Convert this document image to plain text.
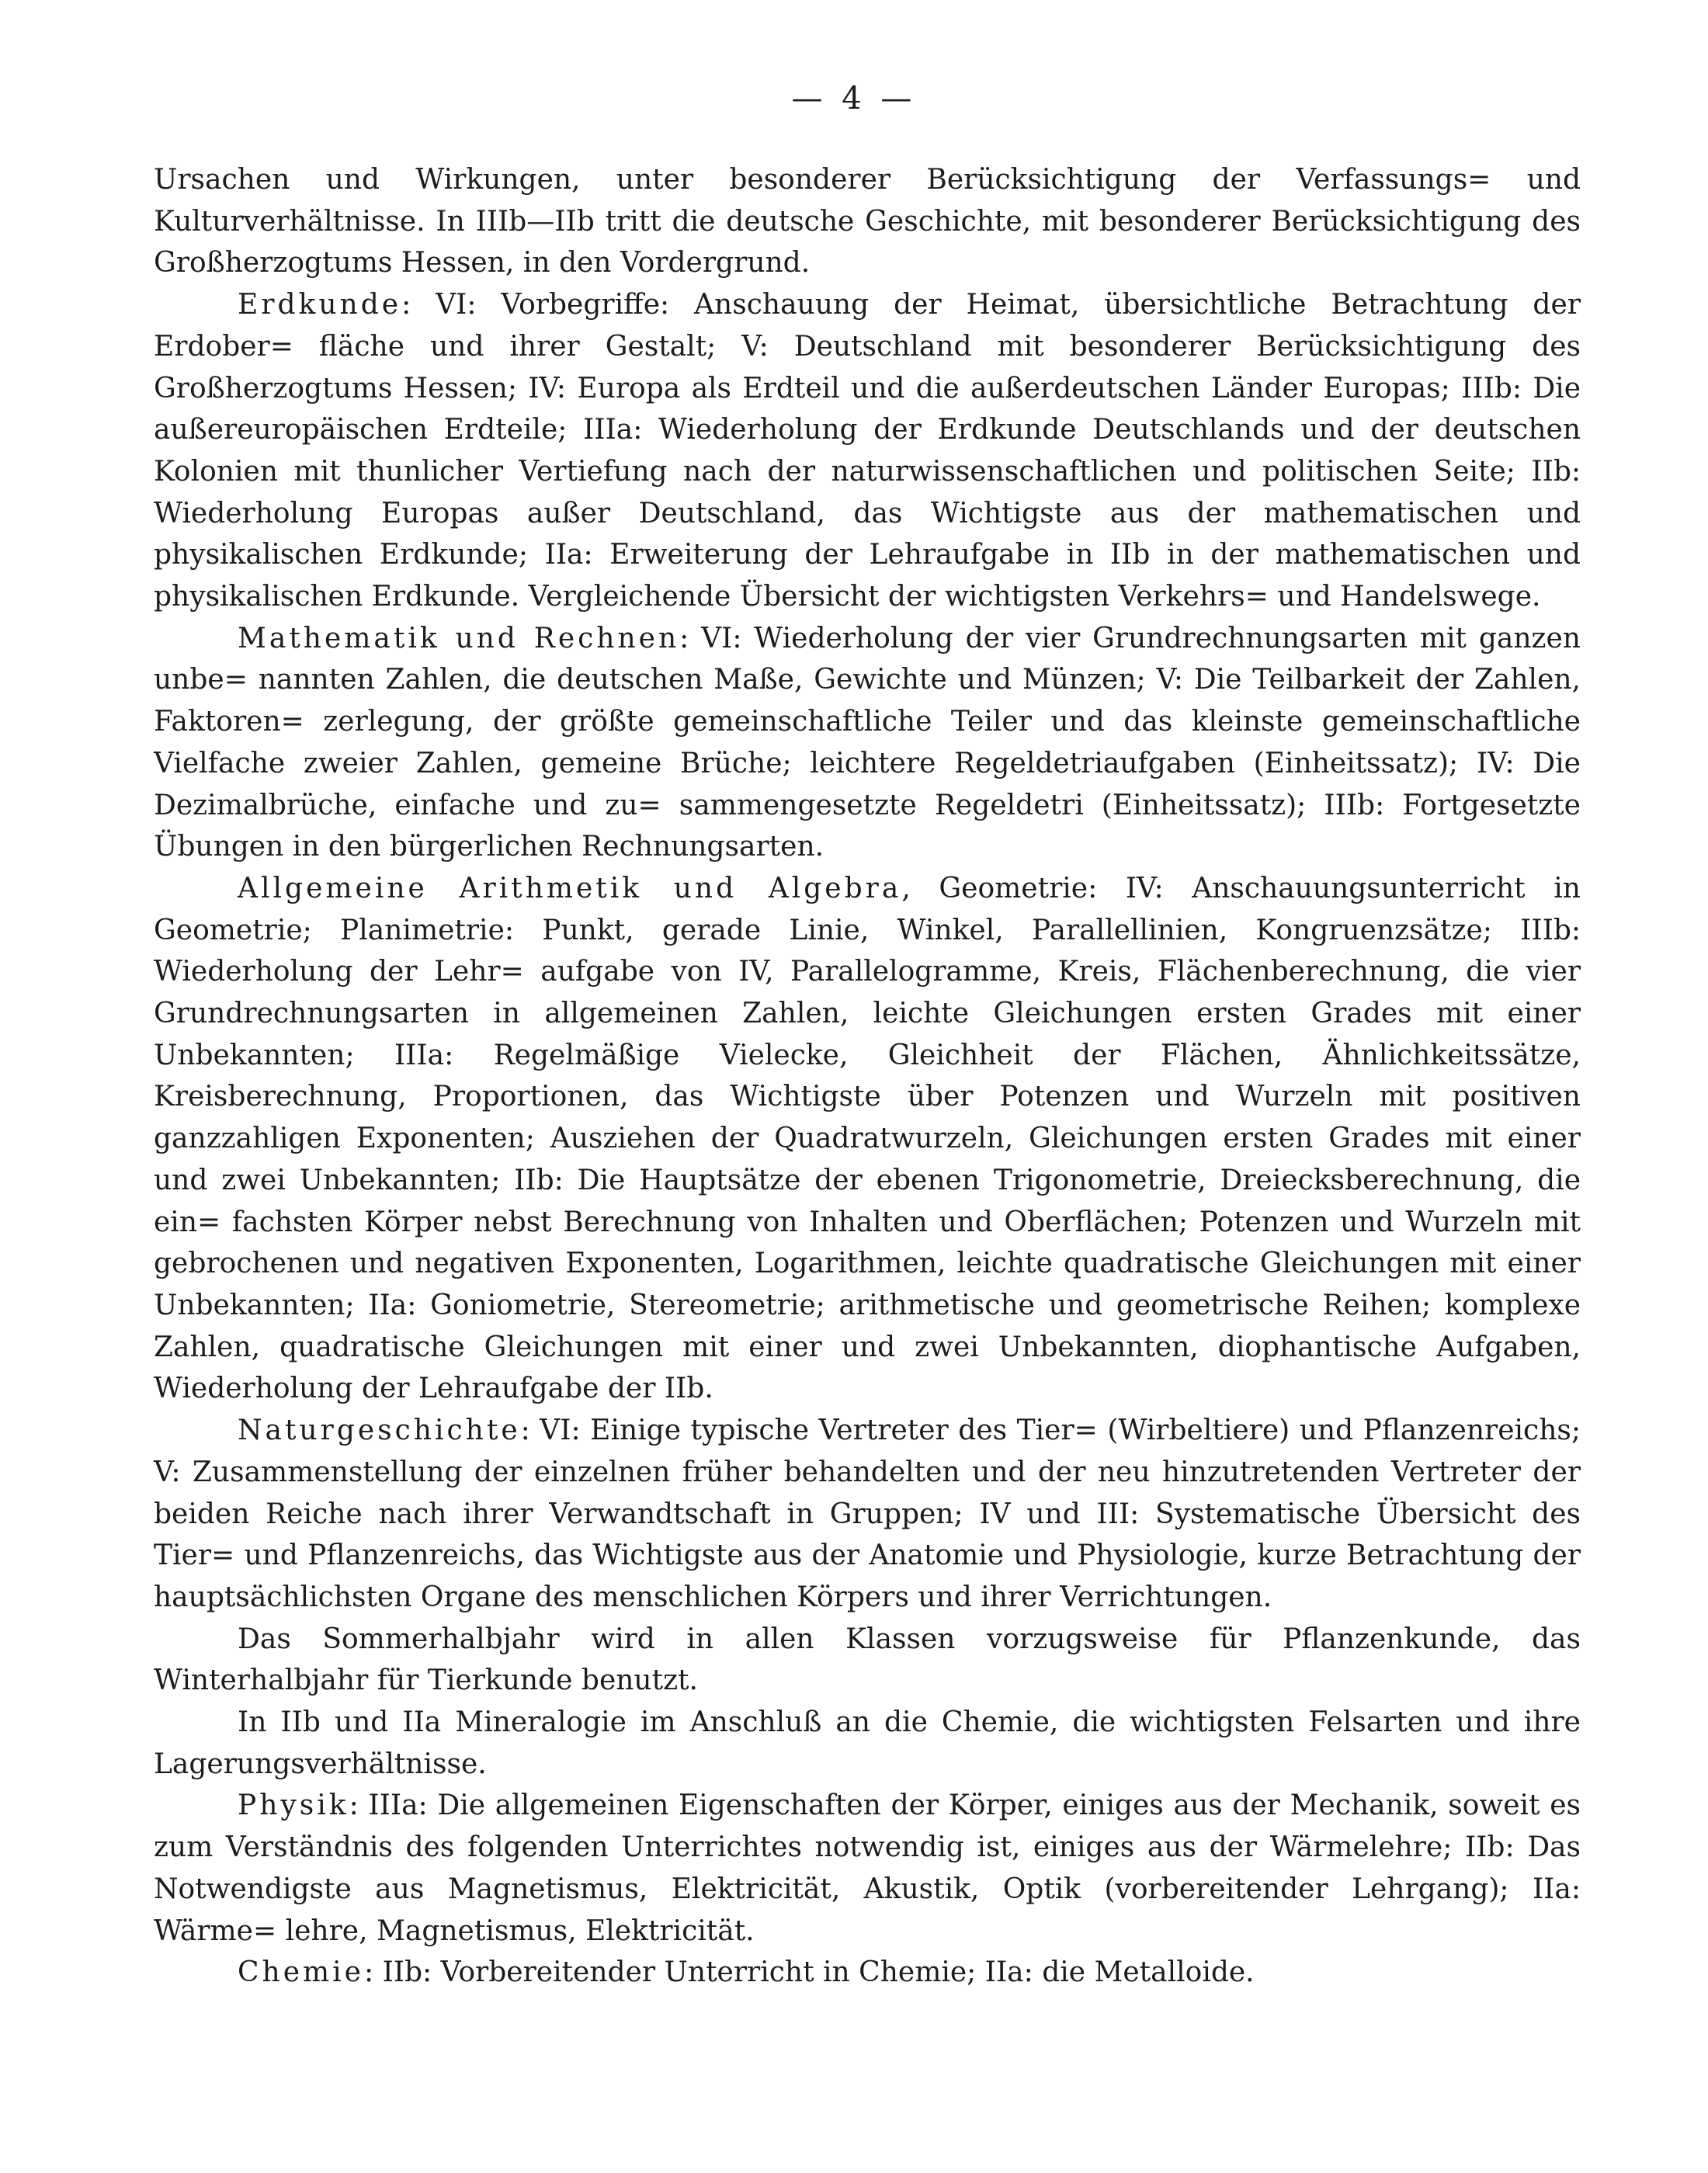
— 4 —

Ursachen und Wirkungen, unter besonderer Berücksichtigung der Verfassungs= und Kulturverhältnisse. In IIIb—IIb tritt die deutsche Geschichte, mit besonderer Berücksichtigung des Großherzogtums Hessen, in den Vordergrund.

Erdkunde: VI: Vorbegriffe: Anschauung der Heimat, übersichtliche Betrachtung der Erdober= fläche und ihrer Gestalt; V: Deutschland mit besonderer Berücksichtigung des Großherzogtums Hessen; IV: Europa als Erdteil und die außerdeutschen Länder Europas; IIIb: Die außereuropäischen Erdteile; IIIa: Wiederholung der Erdkunde Deutschlands und der deutschen Kolonien mit thunlicher Vertiefung nach der naturwissenschaftlichen und politischen Seite; IIb: Wiederholung Europas außer Deutschland, das Wichtigste aus der mathematischen und physikalischen Erdkunde; IIa: Erweiterung der Lehraufgabe in IIb in der mathematischen und physikalischen Erdkunde. Vergleichende Übersicht der wichtigsten Verkehrs= und Handelswege.

Mathematik und Rechnen: VI: Wiederholung der vier Grundrechnungsarten mit ganzen unbe= nannten Zahlen, die deutschen Maße, Gewichte und Münzen; V: Die Teilbarkeit der Zahlen, Faktoren= zerlegung, der größte gemeinschaftliche Teiler und das kleinste gemeinschaftliche Vielfache zweier Zahlen, gemeine Brüche; leichtere Regeldetriaufgaben (Einheitssatz); IV: Die Dezimalbrüche, einfache und zu= sammengesetzte Regeldetri (Einheitssatz); IIIb: Fortgesetzte Übungen in den bürgerlichen Rechnungsarten.

Allgemeine Arithmetik und Algebra, Geometrie: IV: Anschauungsunterricht in Geometrie; Planimetrie: Punkt, gerade Linie, Winkel, Parallellinien, Kongruenzsätze; IIIb: Wiederholung der Lehr= aufgabe von IV, Parallelogramme, Kreis, Flächenberechnung, die vier Grundrechnungsarten in allgemeinen Zahlen, leichte Gleichungen ersten Grades mit einer Unbekannten; IIIa: Regelmäßige Vielecke, Gleichheit der Flächen, Ähnlichkeitssätze, Kreisberechnung, Proportionen, das Wichtigste über Potenzen und Wurzeln mit positiven ganzzahligen Exponenten; Ausziehen der Quadratwurzeln, Gleichungen ersten Grades mit einer und zwei Unbekannten; IIb: Die Hauptsätze der ebenen Trigonometrie, Dreiecksberechnung, die ein= fachsten Körper nebst Berechnung von Inhalten und Oberflächen; Potenzen und Wurzeln mit gebrochenen und negativen Exponenten, Logarithmen, leichte quadratische Gleichungen mit einer Unbekannten; IIa: Goniometrie, Stereometrie; arithmetische und geometrische Reihen; komplexe Zahlen, quadratische Gleichungen mit einer und zwei Unbekannten, diophantische Aufgaben, Wiederholung der Lehraufgabe der IIb.

Naturgeschichte: VI: Einige typische Vertreter des Tier= (Wirbeltiere) und Pflanzenreichs; V: Zusammenstellung der einzelnen früher behandelten und der neu hinzutretenden Vertreter der beiden Reiche nach ihrer Verwandtschaft in Gruppen; IV und III: Systematische Übersicht des Tier= und Pflanzenreichs, das Wichtigste aus der Anatomie und Physiologie, kurze Betrachtung der hauptsächlichsten Organe des menschlichen Körpers und ihrer Verrichtungen.

Das Sommerhalbjahr wird in allen Klassen vorzugsweise für Pflanzenkunde, das Winterhalbjahr für Tierkunde benutzt.

In IIb und IIa Mineralogie im Anschluß an die Chemie, die wichtigsten Felsarten und ihre Lagerungsverhältnisse.

Physik: IIIa: Die allgemeinen Eigenschaften der Körper, einiges aus der Mechanik, soweit es zum Verständnis des folgenden Unterrichtes notwendig ist, einiges aus der Wärmelehre; IIb: Das Notwendigste aus Magnetismus, Elektricität, Akustik, Optik (vorbereitender Lehrgang); IIa: Wärme= lehre, Magnetismus, Elektricität.

Chemie: IIb: Vorbereitender Unterricht in Chemie; IIa: die Metalloide.
